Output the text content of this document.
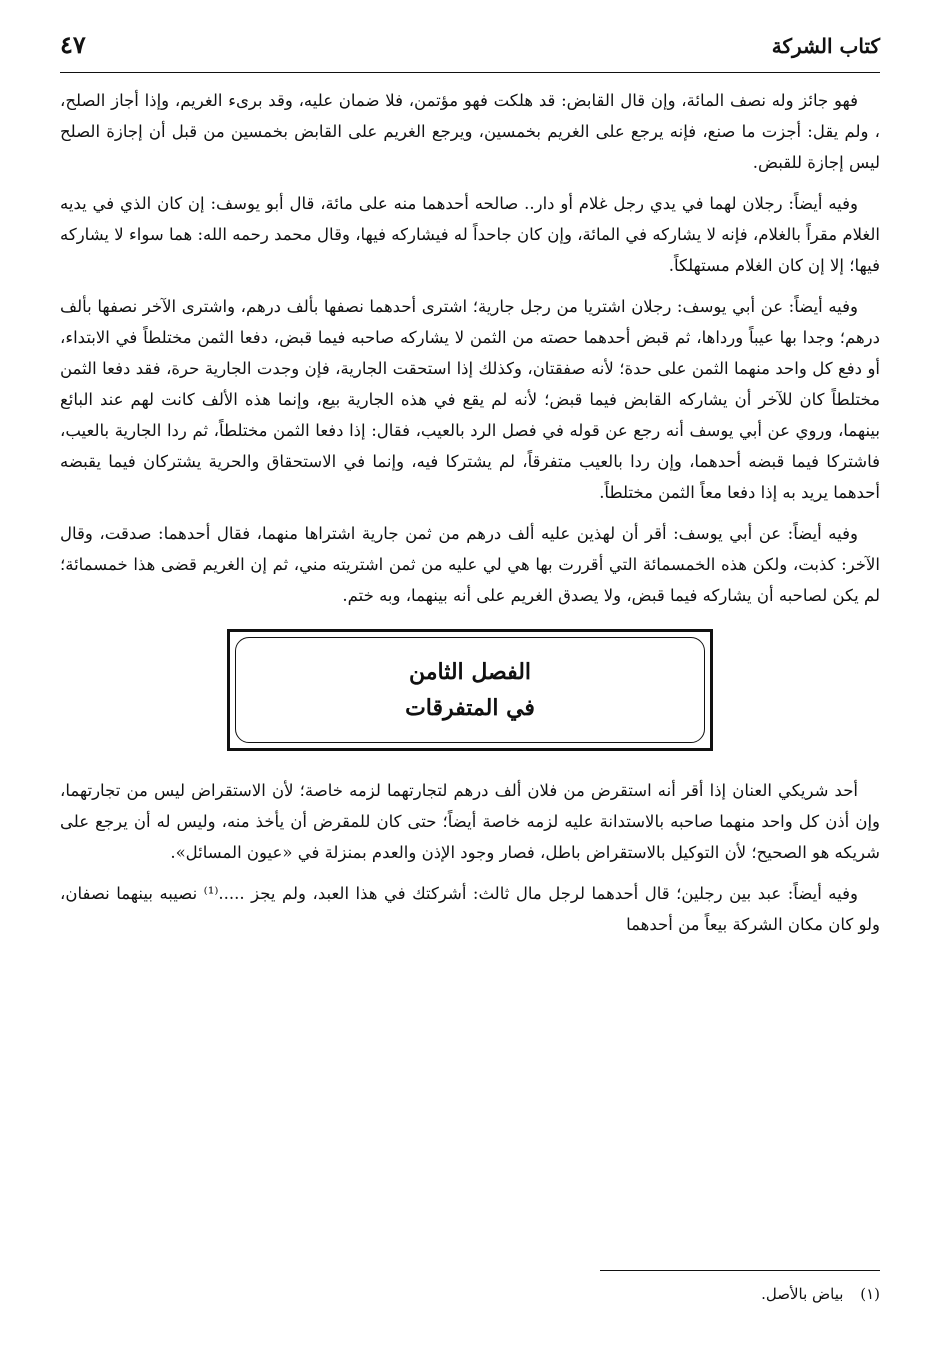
كتاب الشركة
٤٧

فهو جائز وله نصف المائة، وإن قال القابض: قد هلكت فهو مؤتمن، فلا ضمان عليه، وقد برىء الغريم، وإذا أجاز الصلح، ، ولم يقل: أجزت ما صنع، فإنه يرجع على الغريم بخمسين، ويرجع الغريم على القابض بخمسين من قبل أن إجازة الصلح ليس إجازة للقبض.

وفيه أيضاً: رجلان لهما في يدي رجل غلام أو دار.. صالحه أحدهما منه على مائة، قال أبو يوسف: إن كان الذي في يديه الغلام مقراً بالغلام، فإنه لا يشاركه في المائة، وإن كان جاحداً له فيشاركه فيها، وقال محمد رحمه الله: هما سواء لا يشاركه فيها؛ إلا إن كان الغلام مستهلكاً.

وفيه أيضاً: عن أبي يوسف: رجلان اشتريا من رجل جارية؛ اشترى أحدهما نصفها بألف درهم، واشترى الآخر نصفها بألف درهم؛ وجدا بها عيباً ورداها، ثم قبض أحدهما حصته من الثمن لا يشاركه صاحبه فيما قبض، دفعا الثمن مختلطاً في الابتداء، أو دفع كل واحد منهما الثمن على حدة؛ لأنه صفقتان، وكذلك إذا استحقت الجارية، فإن وجدت الجارية حرة، فقد دفعا الثمن مختلطاً كان للآخر أن يشاركه القابض فيما قبض؛ لأنه لم يقع في هذه الجارية بيع، وإنما هذه الألف كانت لهم عند البائع بينهما، وروي عن أبي يوسف أنه رجع عن قوله في فصل الرد بالعيب، فقال: إذا دفعا الثمن مختلطاً، ثم ردا الجارية بالعيب، فاشتركا فيما قبضه أحدهما، وإن ردا بالعيب متفرقاً، لم يشتركا فيه، وإنما في الاستحقاق والحرية يشتركان فيما يقبضه أحدهما يريد به إذا دفعا معاً الثمن مختلطاً.

وفيه أيضاً: عن أبي يوسف: أقر أن لهذين عليه ألف درهم من ثمن جارية اشتراها منهما، فقال أحدهما: صدقت، وقال الآخر: كذبت، ولكن هذه الخمسمائة التي أقررت بها هي لي عليه من ثمن اشتريته مني، ثم إن الغريم قضى هذا خمسمائة؛ لم يكن لصاحبه أن يشاركه فيما قبض، ولا يصدق الغريم على أنه بينهما، وبه ختم.

الفصل الثامن
في المتفرقات

أحد شريكي العنان إذا أقر أنه استقرض من فلان ألف درهم لتجارتهما لزمه خاصة؛ لأن الاستقراض ليس من تجارتهما، وإن أذن كل واحد منهما صاحبه بالاستدانة عليه لزمه خاصة أيضاً؛ حتى كان للمقرض أن يأخذ منه، وليس له أن يرجع على شريكه هو الصحيح؛ لأن التوكيل بالاستقراض باطل، فصار وجود الإذن والعدم بمنزلة في «عيون المسائل».

وفيه أيضاً: عبد بين رجلين؛ قال أحدهما لرجل مال ثالث: أشركتك في هذا العبد، ولم يجز .....⁽¹⁾ نصيبه بينهما نصفان، ولو كان مكان الشركة بيعاً من أحدهما

(١) بياض بالأصل.
